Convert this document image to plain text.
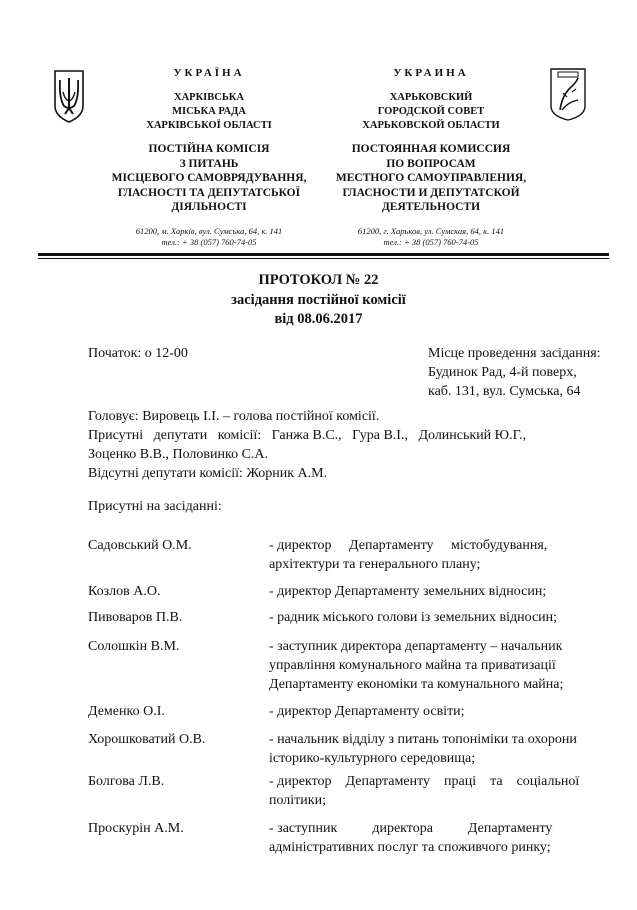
УКРАЇНА
ХАРКІВСЬКА
МІСЬКА РАДА
ХАРКІВСЬКОЇ ОБЛАСТІ
ПОСТІЙНА КОМІСІЯ
З ПИТАНЬ
МІСЦЕВОГО САМОВРЯДУВАННЯ,
ГЛАСНОСТІ ТА ДЕПУТАТСЬКОЇ
ДІЯЛЬНОСТІ
61200, м. Харків, вул. Сумська, 64, к. 141
тел.: + 38 (057) 760-74-05
УКРАИНА
ХАРЬКОВСКИЙ
ГОРОДСКОЙ СОВЕТ
ХАРЬКОВСКОЙ ОБЛАСТИ
ПОСТОЯННАЯ КОМИССИЯ
ПО ВОПРОСАМ
МЕСТНОГО САМОУПРАВЛЕНИЯ,
ГЛАСНОСТИ И ДЕПУТАТСКОЙ
ДЕЯТЕЛЬНОСТИ
61200, г. Харьков, ул. Сумская, 64, к. 141
тел.: + 38 (057) 760-74-05
ПРОТОКОЛ № 22
засідання постійної комісії
від 08.06.2017
Початок: о 12-00	Місце проведення засідання:
Будинок Рад, 4-й поверх,
каб. 131, вул. Сумська, 64
Головує: Вировець І.І. – голова постійної комісії.
Присутні   депутати   комісії:   Ганжа В.С.,   Гура В.І.,   Долинський Ю.Г.,
Зоценко В.В., Половинко С.А.
Відсутні депутати комісії: Жорник А.М.
Присутні на засіданні:
Садовський О.М.	- директор     Департаменту     містобудування,
архітектури та генерального плану;
Козлов А.О.	- директор Департаменту земельних відносин;
Пивоваров П.В.	- радник міського голови із земельних відносин;
Солошкін В.М.	- заступник директора департаменту – начальник
управління комунального майна та приватизації
Департаменту економіки та комунального майна;
Деменко О.І.	- директор Департаменту освіти;
Хорошковатий О.В.	- начальник відділу з питань топоніміки та охорони
історико-культурного середовища;
Болгова Л.В.	- директор    Департаменту    праці    та    соціальної
політики;
Проскурін А.М.	- заступник          директора          Департаменту
адміністративних послуг та споживчого ринку;
